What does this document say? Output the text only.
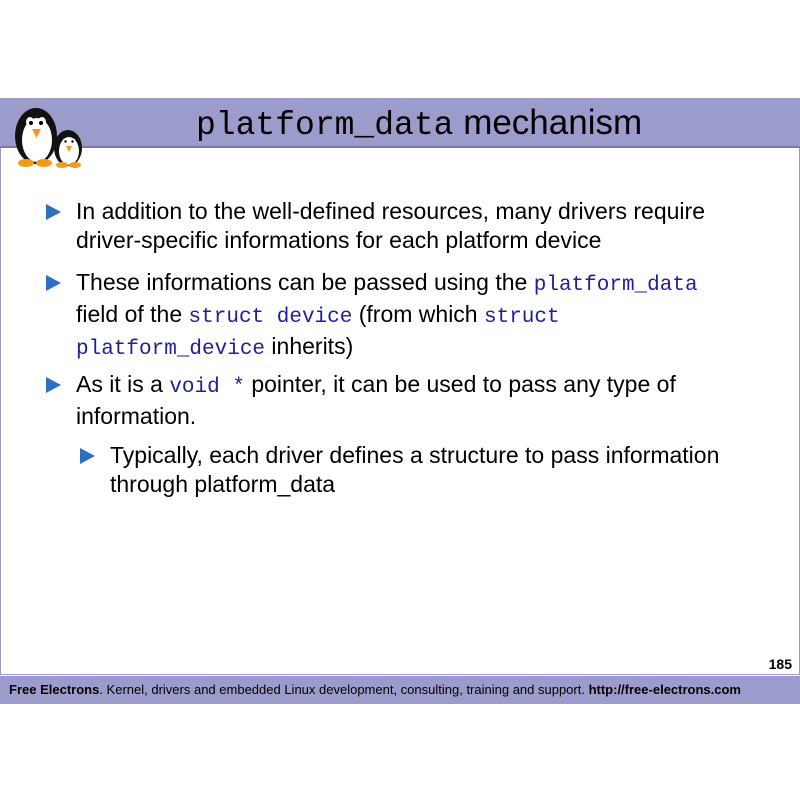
platform_data mechanism
In addition to the well-defined resources, many drivers require
driver-specific informations for each platform device
These informations can be passed using the platform_data
field of the struct device (from which struct
platform_device inherits)
As it is a void * pointer, it can be used to pass any type of
information.
Typically, each driver defines a structure to pass information
through platform_data
185
Free Electrons. Kernel, drivers and embedded Linux development, consulting, training and support. http://free-electrons.com
